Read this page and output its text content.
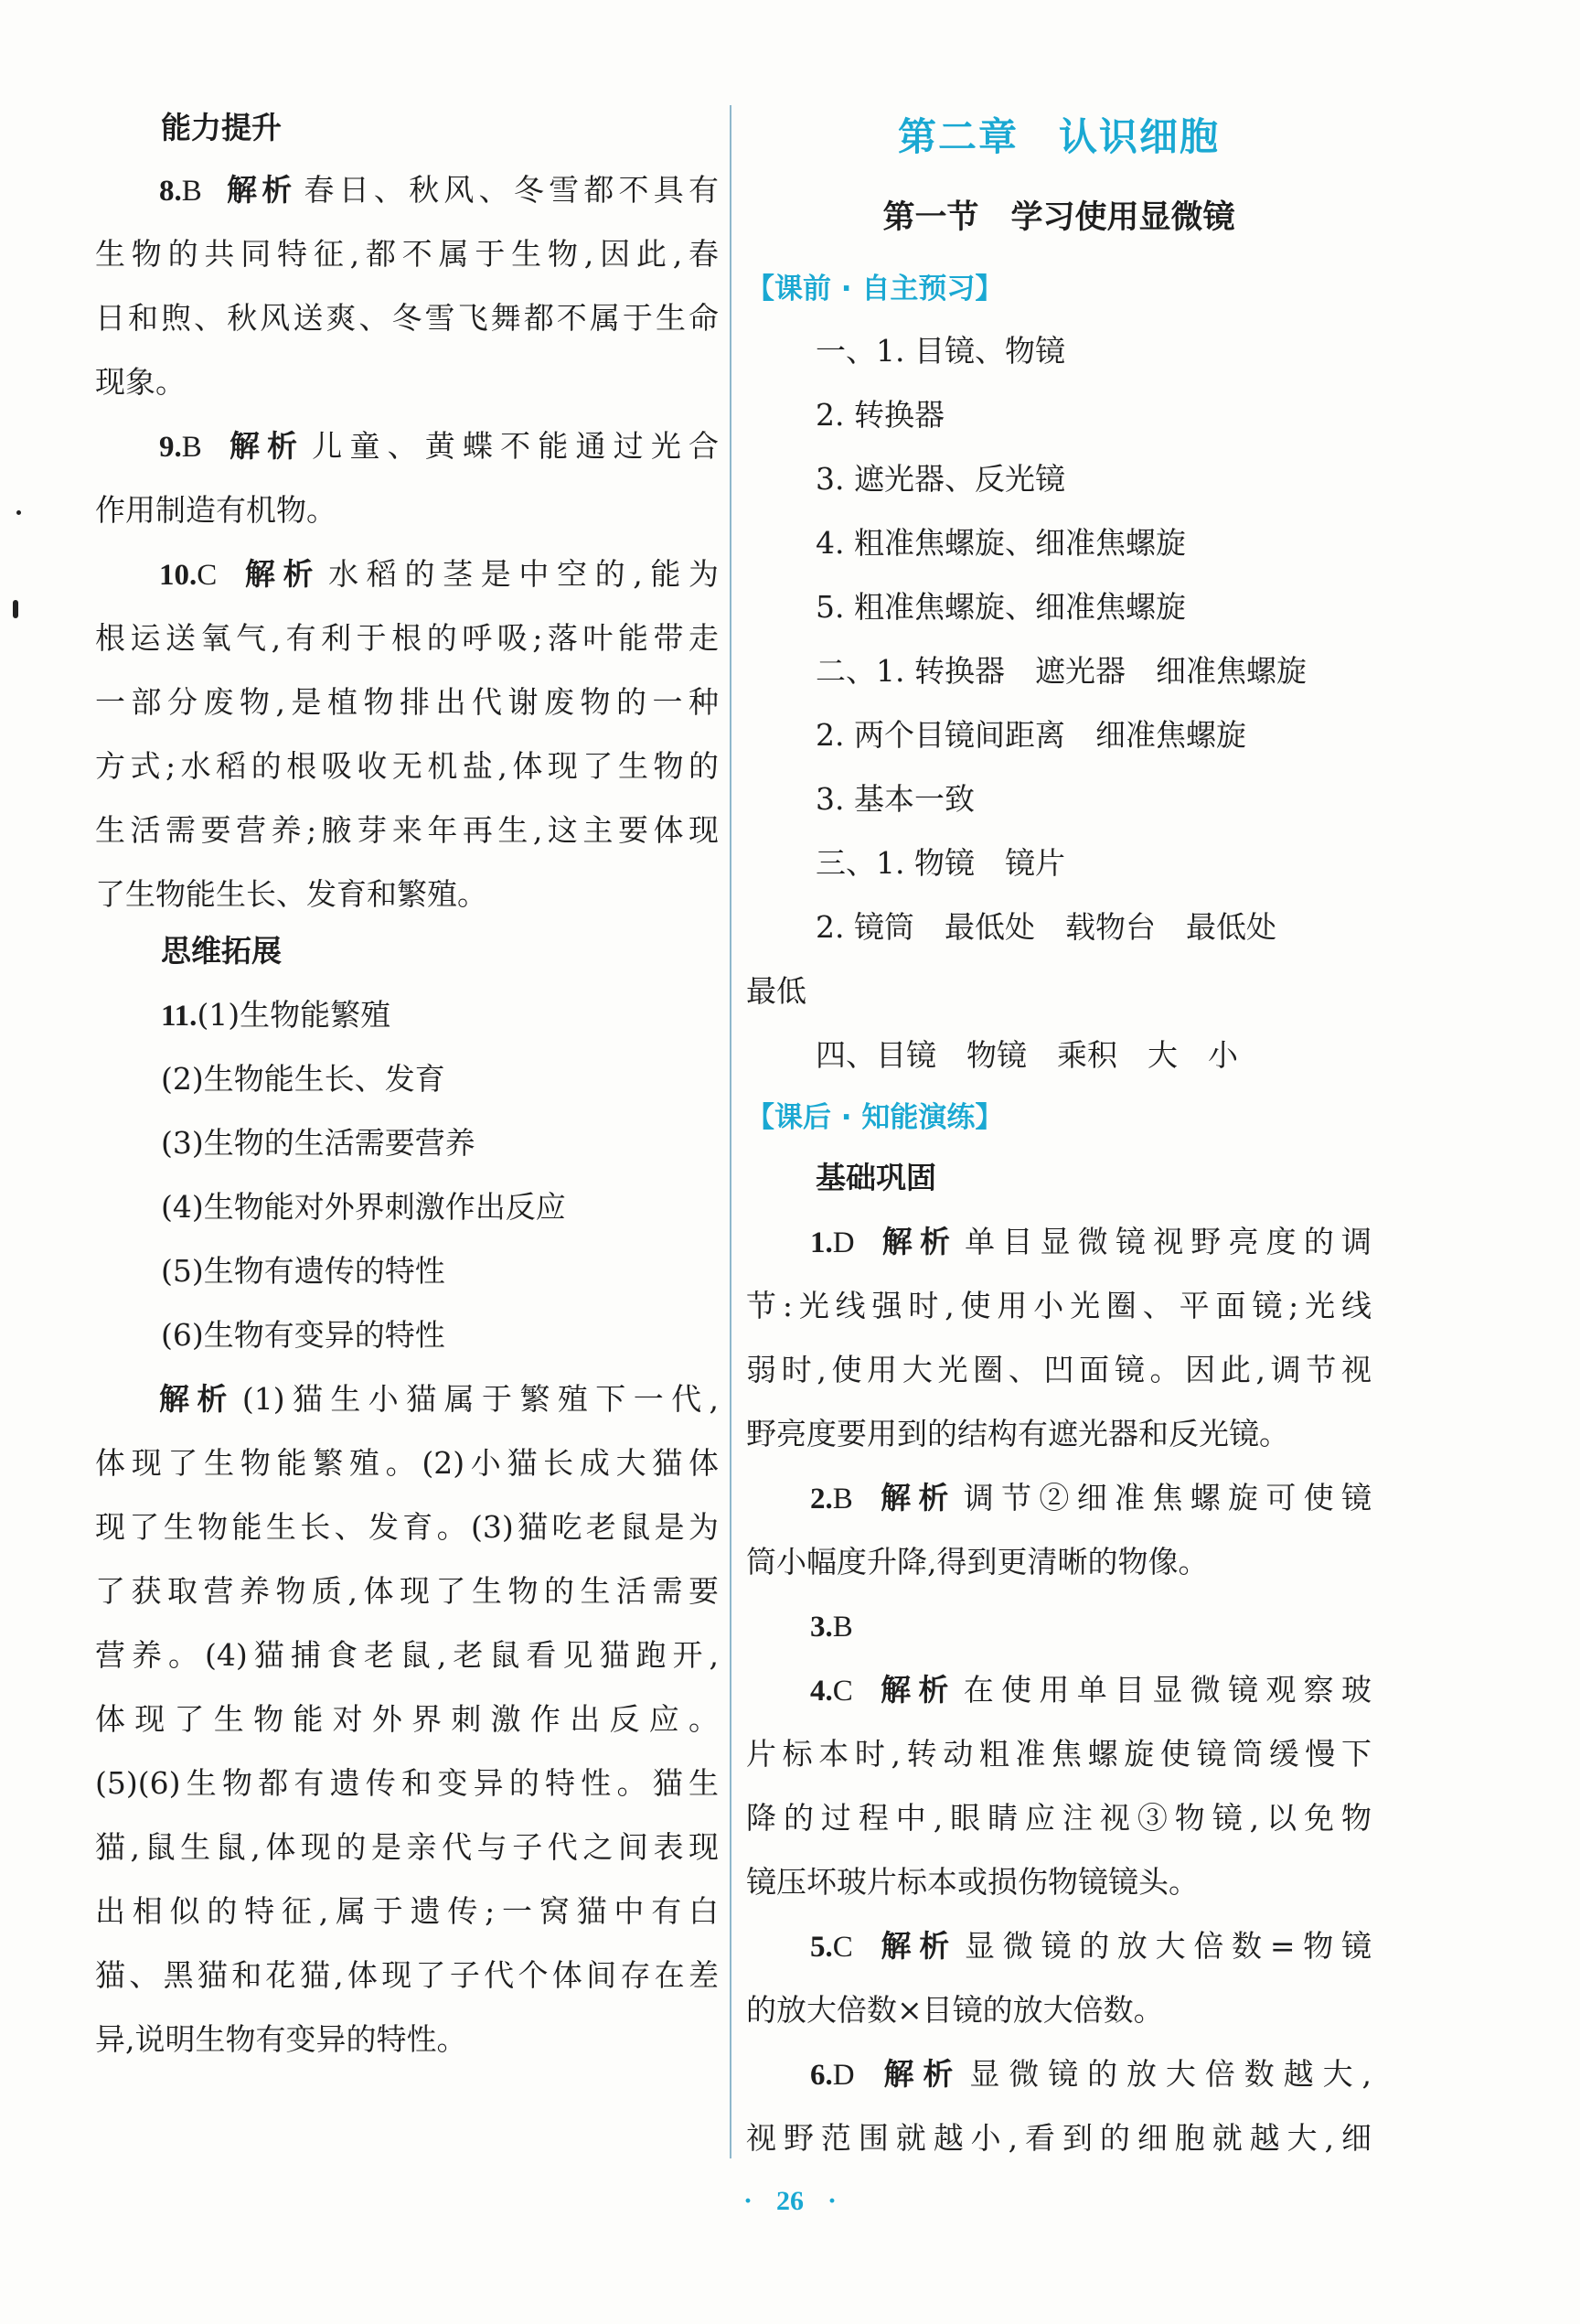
能力提升
8.B 解析 春日、秋风、冬雪都不具有
生物的共同特征,都不属于生物,因此,春
日和煦、秋风送爽、冬雪飞舞都不属于生命
现象。
9.B 解析 儿童、黄蝶不能通过光合
作用制造有机物。
10.C 解析 水稻的茎是中空的,能为
根运送氧气,有利于根的呼吸;落叶能带走
一部分废物,是植物排出代谢废物的一种
方式;水稻的根吸收无机盐,体现了生物的
生活需要营养;腋芽来年再生,这主要体现
了生物能生长、发育和繁殖。
思维拓展
11.(1)生物能繁殖
(2)生物能生长、发育
(3)生物的生活需要营养
(4)生物能对外界刺激作出反应
(5)生物有遗传的特性
(6)生物有变异的特性
解析 (1)猫生小猫属于繁殖下一代,
体现了生物能繁殖。(2)小猫长成大猫体
现了生物能生长、发育。(3)猫吃老鼠是为
了获取营养物质,体现了生物的生活需要
营养。(4)猫捕食老鼠,老鼠看见猫跑开,
体现了生物能对外界刺激作出反应。
(5)(6)生物都有遗传和变异的特性。猫生
猫,鼠生鼠,体现的是亲代与子代之间表现
出相似的特征,属于遗传;一窝猫中有白
猫、黑猫和花猫,体现了子代个体间存在差
异,说明生物有变异的特性。
第二章　认识细胞
第一节　学习使用显微镜
【课前 · 自主预习】
一、1. 目镜、物镜
2. 转换器
3. 遮光器、反光镜
4. 粗准焦螺旋、细准焦螺旋
5. 粗准焦螺旋、细准焦螺旋
二、1. 转换器　遮光器　细准焦螺旋
2. 两个目镜间距离　细准焦螺旋
3. 基本一致
三、1. 物镜　镜片
2. 镜筒　最低处　载物台　最低处
最低
四、目镜　物镜　乘积　大　小
【课后 · 知能演练】
基础巩固
1.D 解析 单目显微镜视野亮度的调
节:光线强时,使用小光圈、平面镜;光线
弱时,使用大光圈、凹面镜。因此,调节视
野亮度要用到的结构有遮光器和反光镜。
2.B 解析 调节②细准焦螺旋可使镜
筒小幅度升降,得到更清晰的物像。
3.B
4.C 解析 在使用单目显微镜观察玻
片标本时,转动粗准焦螺旋使镜筒缓慢下
降的过程中,眼睛应注视③物镜,以免物
镜压坏玻片标本或损伤物镜镜头。
5.C 解析 显微镜的放大倍数=物镜
的放大倍数×目镜的放大倍数。
6.D 解析 显微镜的放大倍数越大,
视野范围就越小,看到的细胞就越大,细
· 26 ·
